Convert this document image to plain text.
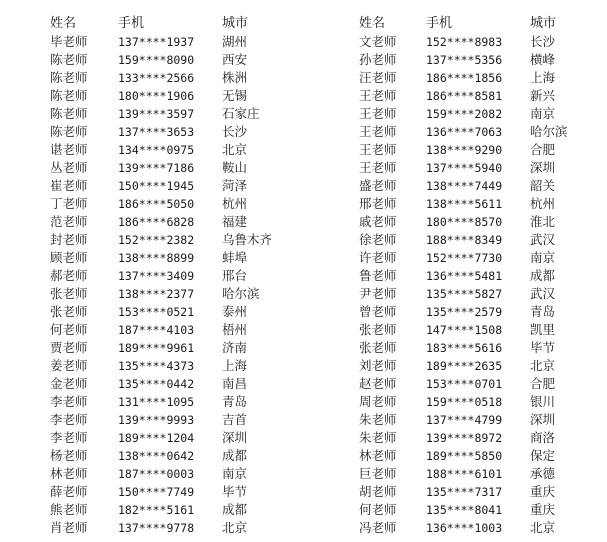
姓名	手机	城市	姓名	手机	城市
毕老师	137****1937 湖州	文老师	152****8983 长沙
陈老师	159****8090 西安	孙老师	137****5356 横峰
陈老师	133****2566 株洲	汪老师	186****1856 上海
陈老师	180****1906 无锡	王老师	186****8581 新兴
陈老师	139****3597 石家庄	王老师	159****2082 南京
陈老师	137****3653 长沙	王老师	136****7063 哈尔滨
谌老师	134****0975 北京	王老师	138****9290 合肥
丛老师	139****7186 鞍山	王老师	137****5940 深圳
崔老师	150****1945 菏泽	盛老师	138****7449 韶关
丁老师	186****5050 杭州	邢老师	138****5611 杭州
范老师	186****6828 福建	戚老师	180****8570 淮北
封老师	152****2382 乌鲁木齐	徐老师	188****8349 武汉
顾老师	138****8899 蚌埠	许老师	152****7730 南京
郝老师	137****3409 邢台	鲁老师	136****5481 成都
张老师	138****2377 哈尔滨	尹老师	135****5827 武汉
张老师	153****0521 泰州	曾老师	135****2579 青岛
何老师	187****4103 梧州	张老师	147****1508 凯里
贾老师	189****9961 济南	张老师	183****5616 毕节
姜老师	135****4373 上海	刘老师	189****2635 北京
金老师	135****0442 南昌	赵老师	153****0701 合肥
李老师	131****1095 青岛	周老师	159****0518 银川
李老师	139****9993 吉首	朱老师	137****4799 深圳
李老师	189****1204 深圳	朱老师	139****8972 商洛
杨老师	138****0642 成都	林老师	189****5850 保定
林老师	187****0003 南京	巨老师	188****6101 承德
薛老师	150****7749 毕节	胡老师	135****7317 重庆
熊老师	182****5161 成都	何老师	135****8041 重庆
肖老师	137****9778 北京	冯老师	136****1003 北京
